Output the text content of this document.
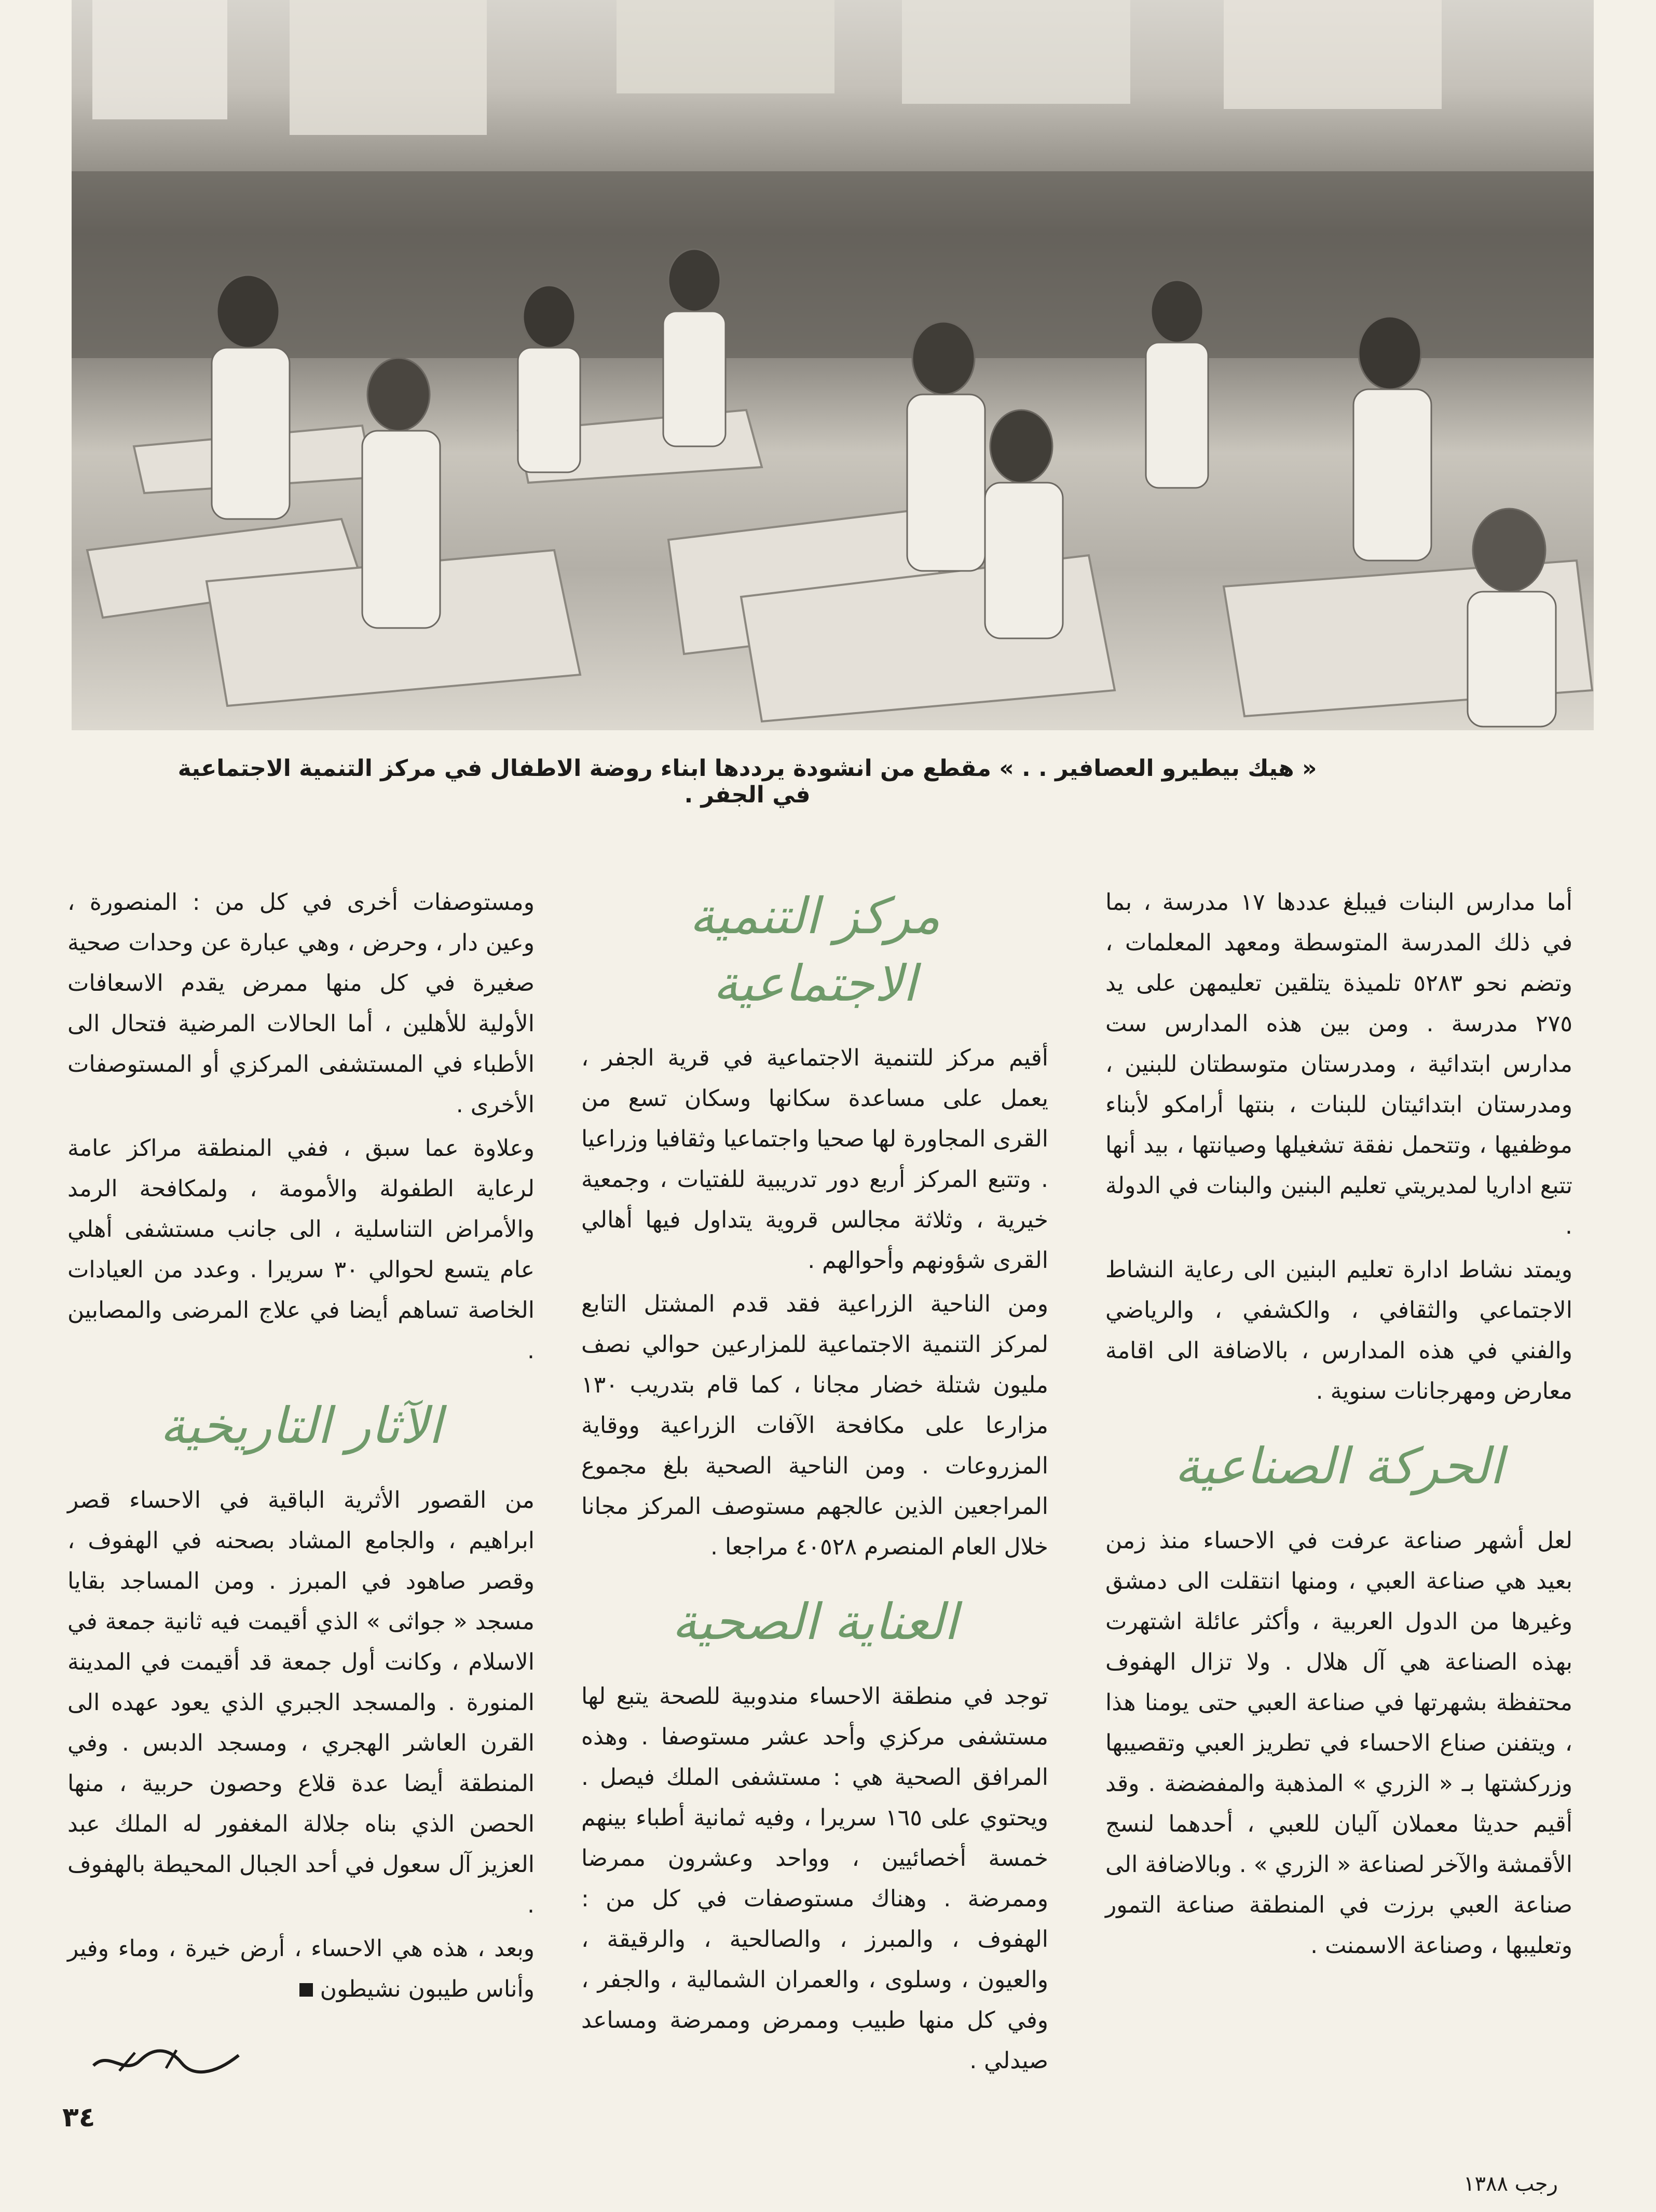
« هيك بيطيرو العصافير . . » مقطع من انشودة يرددها ابناء روضة الاطفال في مركز التنمية الاجتماعية في الجفر .

أما مدارس البنات فيبلغ عددها ١٧ مدرسة ، بما في ذلك المدرسة المتوسطة ومعهد المعلمات ، وتضم نحو ٥٢٨٣ تلميذة يتلقين تعليمهن على يد ٢٧٥ مدرسة . ومن بين هذه المدارس ست مدارس ابتدائية ، ومدرستان متوسطتان للبنين ، ومدرستان ابتدائيتان للبنات ، بنتها أرامكو لأبناء موظفيها ، وتتحمل نفقة تشغيلها وصيانتها ، بيد أنها تتبع اداريا لمديريتي تعليم البنين والبنات في الدولة .

ويمتد نشاط ادارة تعليم البنين الى رعاية النشاط الاجتماعي والثقافي ، والكشفي ، والرياضي والفني في هذه المدارس ، بالاضافة الى اقامة معارض ومهرجانات سنوية .

الحركة الصناعية

لعل أشهر صناعة عرفت في الاحساء منذ زمن بعيد هي صناعة العبي ، ومنها انتقلت الى دمشق وغيرها من الدول العربية ، وأكثر عائلة اشتهرت بهذه الصناعة هي آل هلال . ولا تزال الهفوف محتفظة بشهرتها في صناعة العبي حتى يومنا هذا ، ويتفنن صناع الاحساء في تطريز العبي وتقصيبها وزركشتها بـ « الزري » المذهبة والمفضضة . وقد أقيم حديثا معملان آليان للعبي ، أحدهما لنسج الأقمشة والآخر لصناعة « الزري » . وبالاضافة الى صناعة العبي برزت في المنطقة صناعة التمور وتعليبها ، وصناعة الاسمنت .

مركز التنمية الاجتماعية

أقيم مركز للتنمية الاجتماعية في قرية الجفر ، يعمل على مساعدة سكانها وسكان تسع من القرى المجاورة لها صحيا واجتماعيا وثقافيا وزراعيا . وتتبع المركز أربع دور تدريبية للفتيات ، وجمعية خيرية ، وثلاثة مجالس قروية يتداول فيها أهالي القرى شؤونهم وأحوالهم .

ومن الناحية الزراعية فقد قدم المشتل التابع لمركز التنمية الاجتماعية للمزارعين حوالي نصف مليون شتلة خضار مجانا ، كما قام بتدريب ١٣٠ مزارعا على مكافحة الآفات الزراعية ووقاية المزروعات . ومن الناحية الصحية بلغ مجموع المراجعين الذين عالجهم مستوصف المركز مجانا خلال العام المنصرم ٤٠٥٢٨ مراجعا .

العناية الصحية

توجد في منطقة الاحساء مندوبية للصحة يتبع لها مستشفى مركزي وأحد عشر مستوصفا . وهذه المرافق الصحية هي : مستشفى الملك فيصل . ويحتوي على ١٦٥ سريرا ، وفيه ثمانية أطباء بينهم خمسة أخصائيين ، وواحد وعشرون ممرضا وممرضة . وهناك مستوصفات في كل من : الهفوف ، والمبرز ، والصالحية ، والرقيقة ، والعيون ، وسلوى ، والعمران الشمالية ، والجفر ، وفي كل منها طبيب وممرض وممرضة ومساعد صيدلي .

ومستوصفات أخرى في كل من : المنصورة ، وعين دار ، وحرض ، وهي عبارة عن وحدات صحية صغيرة في كل منها ممرض يقدم الاسعافات الأولية للأهلين ، أما الحالات المرضية فتحال الى الأطباء في المستشفى المركزي أو المستوصفات الأخرى .

وعلاوة عما سبق ، ففي المنطقة مراكز عامة لرعاية الطفولة والأمومة ، ولمكافحة الرمد والأمراض التناسلية ، الى جانب مستشفى أهلي عام يتسع لحوالي ٣٠ سريرا . وعدد من العيادات الخاصة تساهم أيضا في علاج المرضى والمصابين .

الآثار التاريخية

من القصور الأثرية الباقية في الاحساء قصر ابراهيم ، والجامع المشاد بصحنه في الهفوف ، وقصر صاهود في المبرز . ومن المساجد بقايا مسجد « جواثى » الذي أقيمت فيه ثانية جمعة في الاسلام ، وكانت أول جمعة قد أقيمت في المدينة المنورة . والمسجد الجبري الذي يعود عهده الى القرن العاشر الهجري ، ومسجد الدبس . وفي المنطقة أيضا عدة قلاع وحصون حربية ، منها الحصن الذي بناه جلالة المغفور له الملك عبد العزيز آل سعول في أحد الجبال المحيطة بالهفوف .

وبعد ، هذه هي الاحساء ، أرض خيرة ، وماء وفير وأناس طيبون نشيطون

٣٤
رجب ١٣٨٨
